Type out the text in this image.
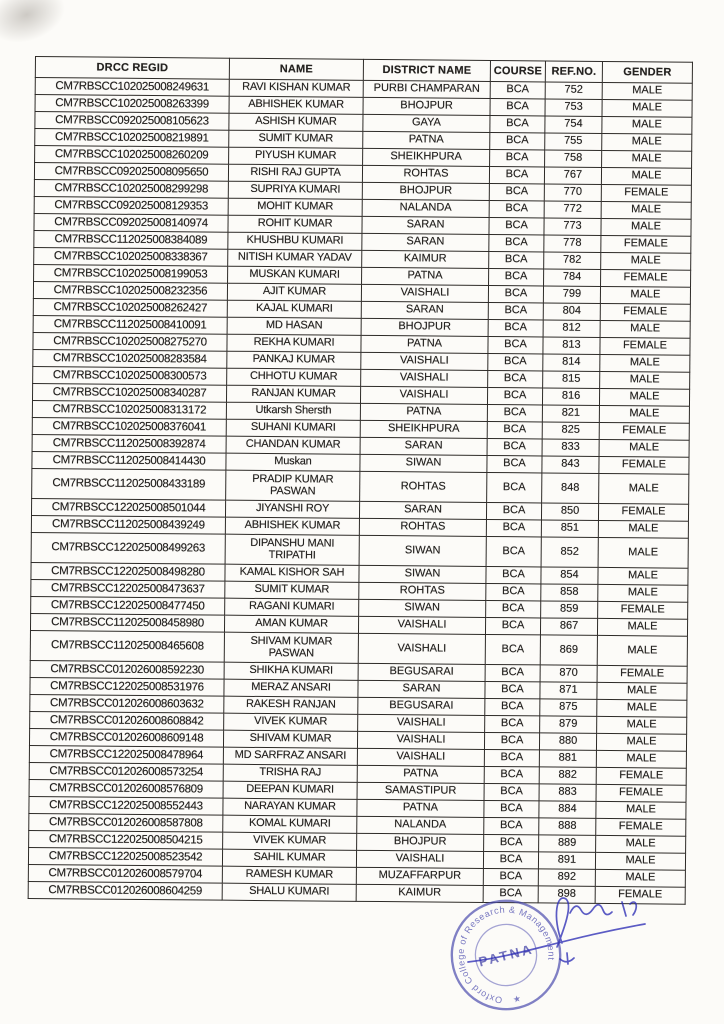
DRCC REGID	NAME	DISTRICT NAME	COURSE	REF.NO.	GENDER
CM7RBSCC102025008249631	RAVI KISHAN KUMAR	PURBI CHAMPARAN	BCA	752	MALE
CM7RBSCC102025008263399	ABHISHEK KUMAR	BHOJPUR	BCA	753	MALE
CM7RBSCC092025008105623	ASHISH KUMAR	GAYA	BCA	754	MALE
CM7RBSCC102025008219891	SUMIT KUMAR	PATNA	BCA	755	MALE
CM7RBSCC102025008260209	PIYUSH KUMAR	SHEIKHPURA	BCA	758	MALE
CM7RBSCC092025008095650	RISHI RAJ GUPTA	ROHTAS	BCA	767	MALE
CM7RBSCC102025008299298	SUPRIYA KUMARI	BHOJPUR	BCA	770	FEMALE
CM7RBSCC092025008129353	MOHIT KUMAR	NALANDA	BCA	772	MALE
CM7RBSCC092025008140974	ROHIT KUMAR	SARAN	BCA	773	MALE
CM7RBSCC112025008384089	KHUSHBU KUMARI	SARAN	BCA	778	FEMALE
CM7RBSCC102025008338367	NITISH KUMAR YADAV	KAIMUR	BCA	782	MALE
CM7RBSCC102025008199053	MUSKAN KUMARI	PATNA	BCA	784	FEMALE
CM7RBSCC102025008232356	AJIT KUMAR	VAISHALI	BCA	799	MALE
CM7RBSCC102025008262427	KAJAL KUMARI	SARAN	BCA	804	FEMALE
CM7RBSCC112025008410091	MD HASAN	BHOJPUR	BCA	812	MALE
CM7RBSCC102025008275270	REKHA KUMARI	PATNA	BCA	813	FEMALE
CM7RBSCC102025008283584	PANKAJ KUMAR	VAISHALI	BCA	814	MALE
CM7RBSCC102025008300573	CHHOTU KUMAR	VAISHALI	BCA	815	MALE
CM7RBSCC102025008340287	RANJAN KUMAR	VAISHALI	BCA	816	MALE
CM7RBSCC102025008313172	Utkarsh Shersth	PATNA	BCA	821	MALE
CM7RBSCC102025008376041	SUHANI KUMARI	SHEIKHPURA	BCA	825	FEMALE
CM7RBSCC112025008392874	CHANDAN KUMAR	SARAN	BCA	833	MALE
CM7RBSCC112025008414430	Muskan	SIWAN	BCA	843	FEMALE
CM7RBSCC112025008433189	PRADIP KUMAR PASWAN	ROHTAS	BCA	848	MALE
CM7RBSCC122025008501044	JIYANSHI ROY	SARAN	BCA	850	FEMALE
CM7RBSCC112025008439249	ABHISHEK KUMAR	ROHTAS	BCA	851	MALE
CM7RBSCC122025008499263	DIPANSHU MANI
TRIPATHI	SIWAN	BCA	852	MALE
CM7RBSCC122025008498280	KAMAL KISHOR SAH	SIWAN	BCA	854	MALE
CM7RBSCC122025008473637	SUMIT KUMAR	ROHTAS	BCA	858	MALE
CM7RBSCC122025008477450	RAGANI KUMARI	SIWAN	BCA	859	FEMALE
CM7RBSCC112025008458980	AMAN KUMAR	VAISHALI	BCA	867	MALE
CM7RBSCC112025008465608	SHIVAM KUMAR
PASWAN	VAISHALI	BCA	869	MALE
CM7RBSCC012026008592230	SHIKHA KUMARI	BEGUSARAI	BCA	870	FEMALE
CM7RBSCC122025008531976	MERAZ ANSARI	SARAN	BCA	871	MALE
CM7RBSCC012026008603632	RAKESH RANJAN	BEGUSARAI	BCA	875	MALE
CM7RBSCC012026008608842	VIVEK KUMAR	VAISHALI	BCA	879	MALE
CM7RBSCC012026008609148	SHIVAM KUMAR	VAISHALI	BCA	880	MALE
CM7RBSCC122025008478964	MD SARFRAZ ANSARI	VAISHALI	BCA	881	MALE
CM7RBSCC012026008573254	TRISHA RAJ	PATNA	BCA	882	FEMALE
CM7RBSCC012026008576809	DEEPAN KUMARI	SAMASTIPUR	BCA	883	FEMALE
CM7RBSCC122025008552443	NARAYAN KUMAR	PATNA	BCA	884	MALE
CM7RBSCC012026008587808	KOMAL KUMARI	NALANDA	BCA	888	FEMALE
CM7RBSCC122025008504215	VIVEK KUMAR	BHOJPUR	BCA	889	MALE
CM7RBSCC122025008523542	SAHIL KUMAR	VAISHALI	BCA	891	MALE
CM7RBSCC012026008579704	RAMESH KUMAR	MUZAFFARPUR	BCA	892	MALE
CM7RBSCC012026008604259	SHALU KUMARI	KAIMUR	BCA	898	FEMALE
Oxford College of Research & Management
PATNA
★
